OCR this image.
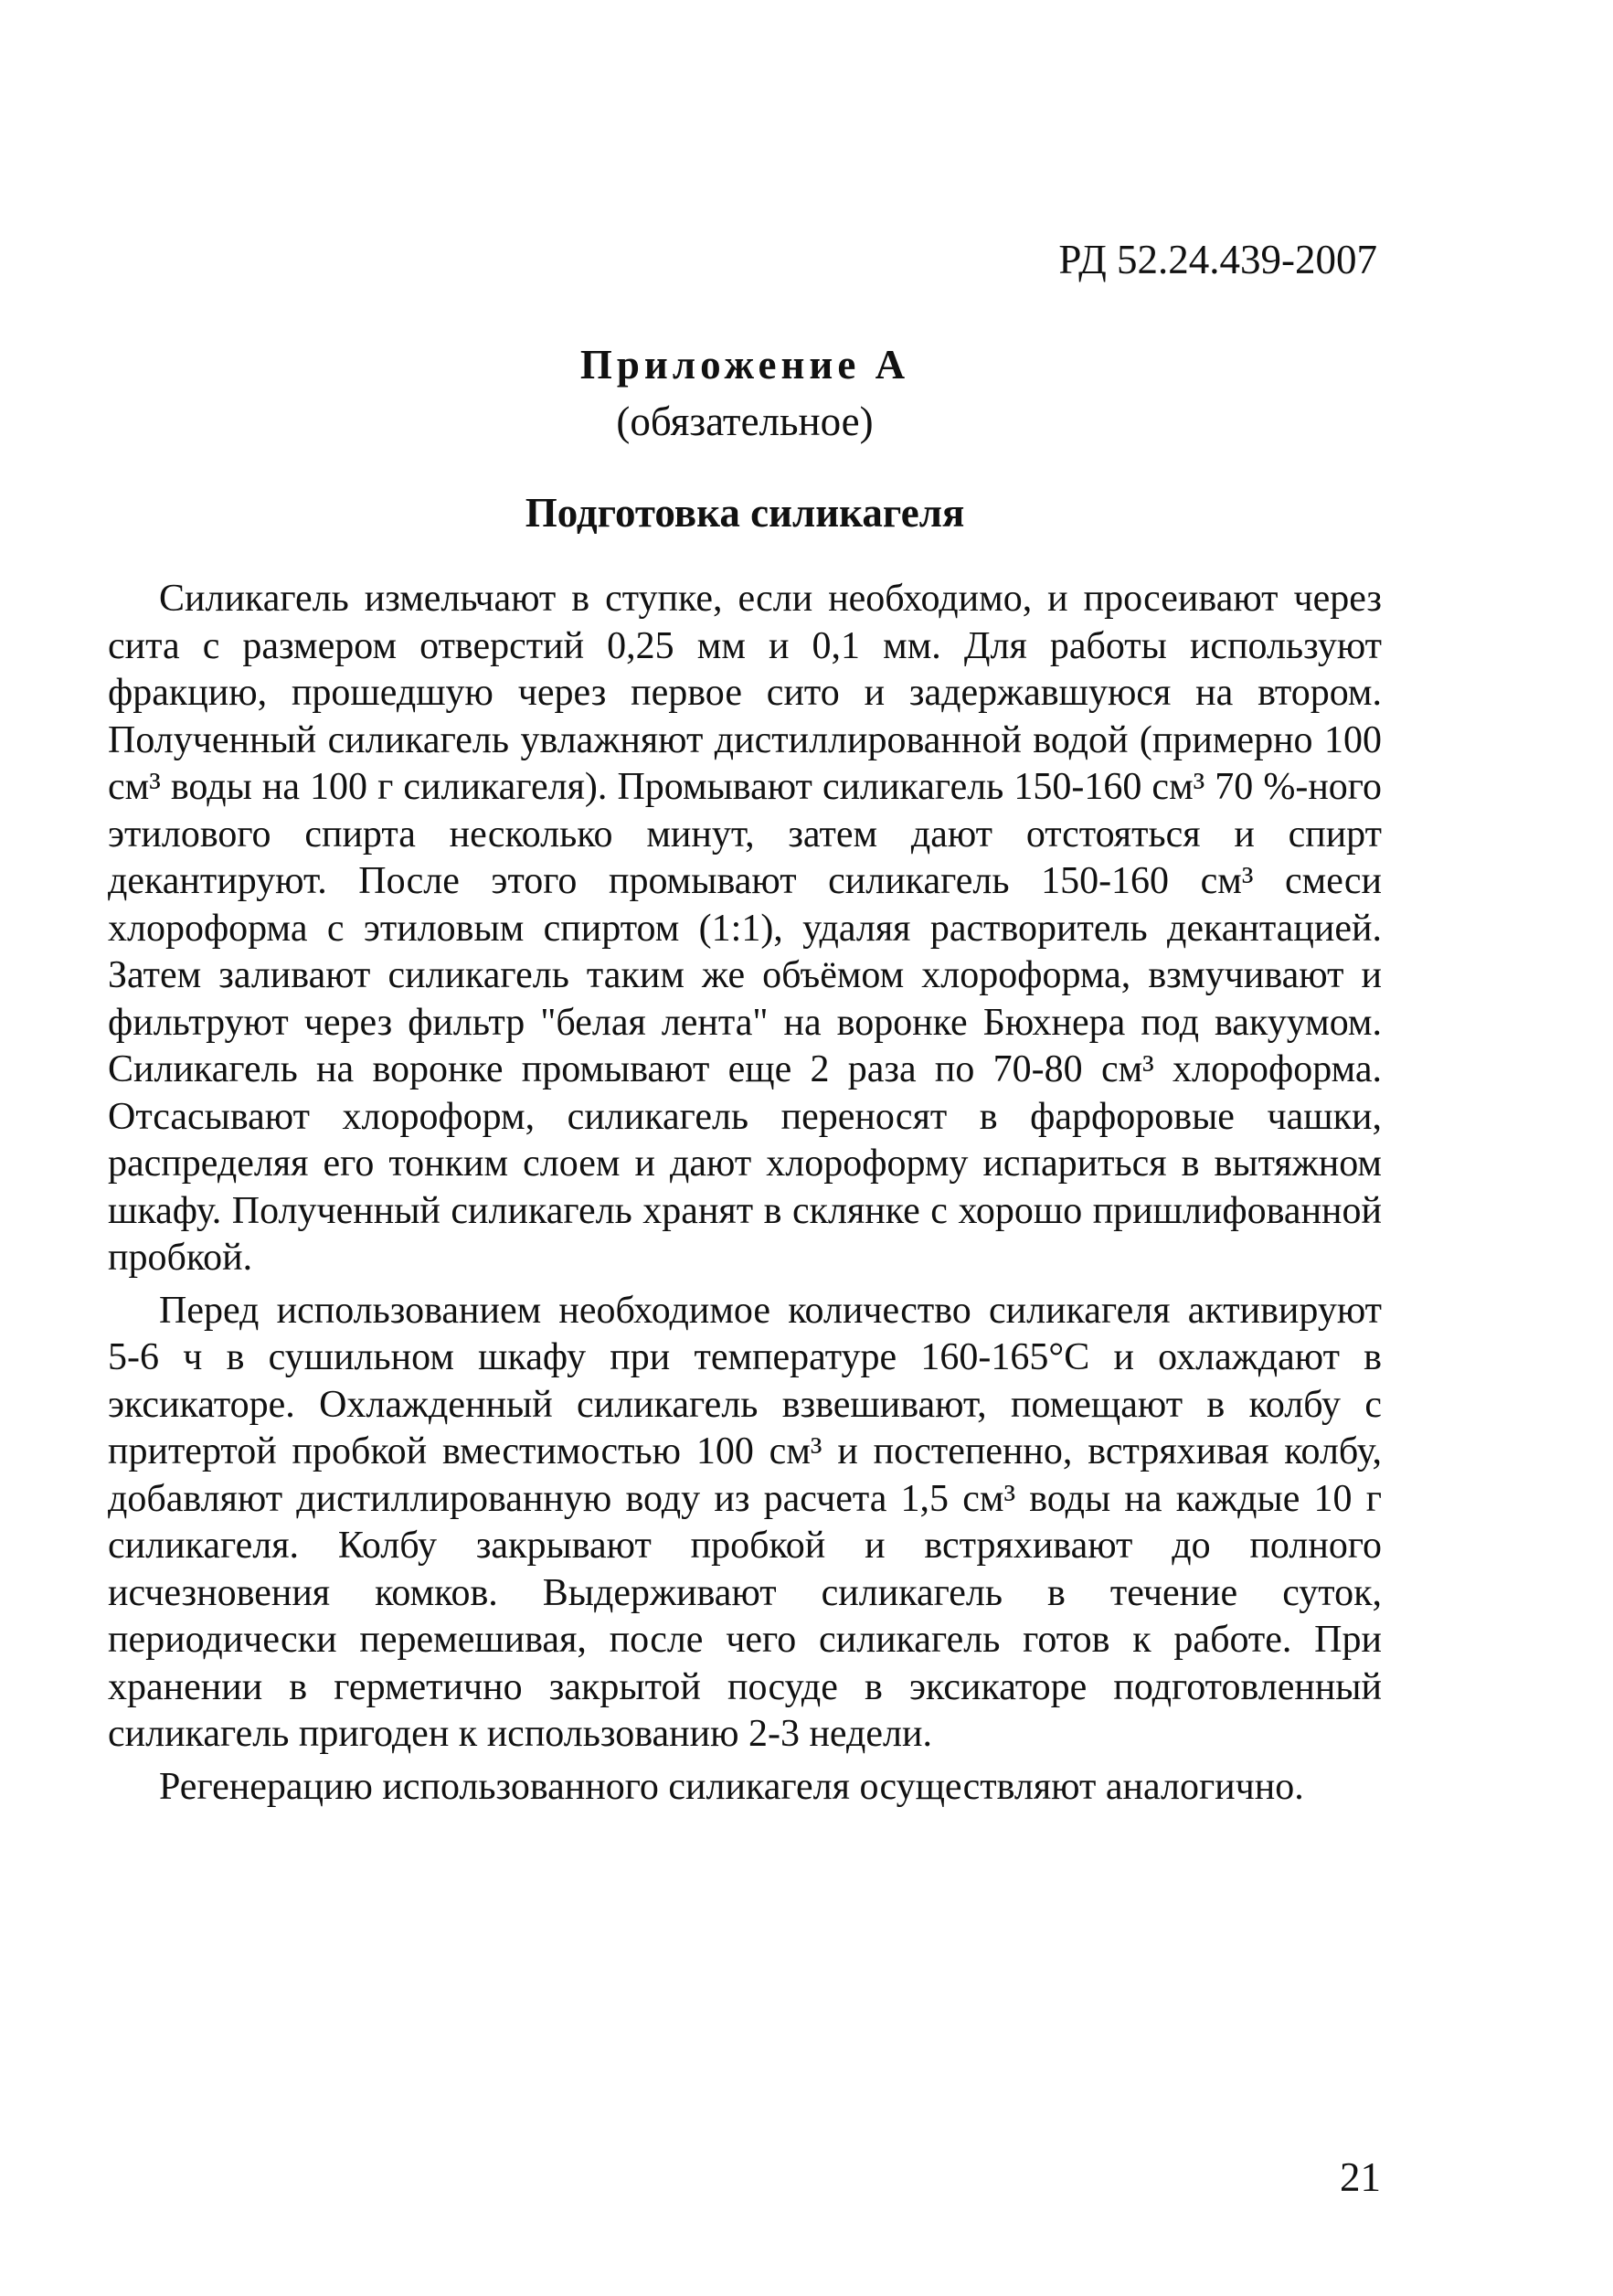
РД 52.24.439-2007
Приложение А
(обязательное)
Подготовка силикагеля

Силикагель измельчают в ступке, если необходимо, и просеивают через сита с размером отверстий 0,25 мм и 0,1 мм. Для работы используют фракцию, прошедшую через первое сито и задержавшуюся на втором. Полученный силикагель увлажняют дистиллированной водой (примерно 100 см³ воды на 100 г силикагеля). Промывают силикагель 150-160 см³ 70 %-ного этилового спирта несколько минут, затем дают отстояться и спирт декантируют. После этого промывают силикагель 150-160 см³ смеси хлороформа с этиловым спиртом (1:1), удаляя растворитель декантацией. Затем заливают силикагель таким же объёмом хлороформа, взмучивают и фильтруют через фильтр "белая лента" на воронке Бюхнера под вакуумом. Силикагель на воронке промывают еще 2 раза по 70-80 см³ хлороформа. Отсасывают хлороформ, силикагель переносят в фарфоровые чашки, распределяя его тонким слоем и дают хлороформу испариться в вытяжном шкафу. Полученный силикагель хранят в склянке с хорошо пришлифованной пробкой.

Перед использованием необходимое количество силикагеля активируют 5-6 ч в сушильном шкафу при температуре 160-165°С и охлаждают в эксикаторе. Охлажденный силикагель взвешивают, помещают в колбу с притертой пробкой вместимостью 100 см³ и постепенно, встряхивая колбу, добавляют дистиллированную воду из расчета 1,5 см³ воды на каждые 10 г силикагеля. Колбу закрывают пробкой и встряхивают до полного исчезновения комков. Выдерживают силикагель в течение суток, периодически перемешивая, после чего силикагель готов к работе. При хранении в герметично закрытой посуде в эксикаторе подготовленный силикагель пригоден к использованию 2-3 недели.

Регенерацию использованного силикагеля осуществляют аналогично.

21
